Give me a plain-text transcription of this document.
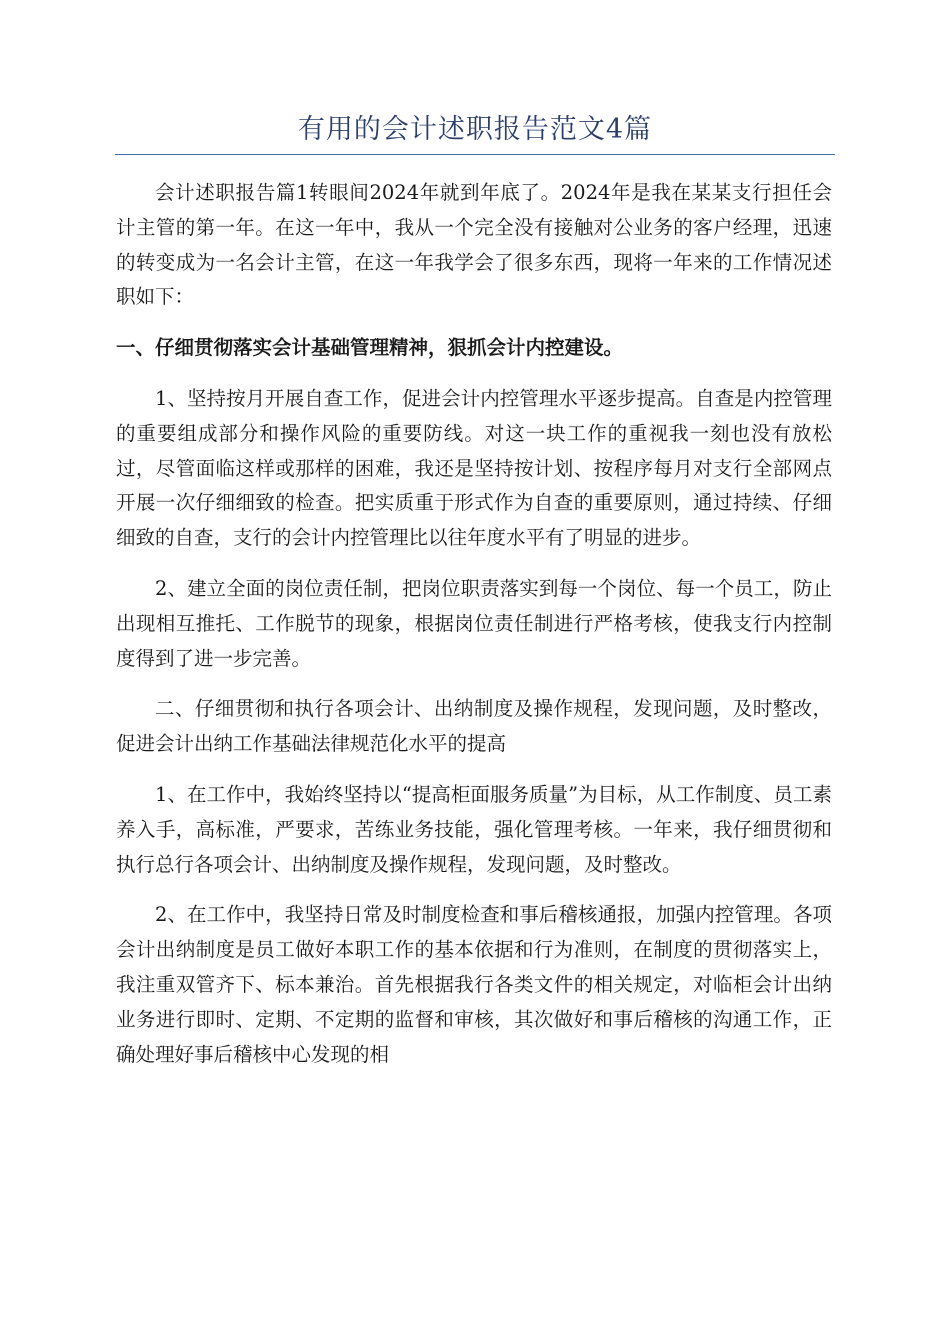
有用的会计述职报告范文4篇

会计述职报告篇1转眼间2024年就到年底了。2024年是我在某某支行担任会计主管的第一年。在这一年中，我从一个完全没有接触对公业务的客户经理，迅速的转变成为一名会计主管，在这一年我学会了很多东西，现将一年来的工作情况述职如下：

一、仔细贯彻落实会计基础管理精神，狠抓会计内控建设。

1、坚持按月开展自查工作，促进会计内控管理水平逐步提高。自查是内控管理的重要组成部分和操作风险的重要防线。对这一块工作的重视我一刻也没有放松过，尽管面临这样或那样的困难，我还是坚持按计划、按程序每月对支行全部网点开展一次仔细细致的检查。把实质重于形式作为自查的重要原则，通过持续、仔细细致的自查，支行的会计内控管理比以往年度水平有了明显的进步。

2、建立全面的岗位责任制，把岗位职责落实到每一个岗位、每一个员工，防止出现相互推托、工作脱节的现象，根据岗位责任制进行严格考核，使我支行内控制度得到了进一步完善。

二、仔细贯彻和执行各项会计、出纳制度及操作规程，发现问题，及时整改，促进会计出纳工作基础法律规范化水平的提高

1、在工作中，我始终坚持以“提高柜面服务质量”为目标，从工作制度、员工素养入手，高标准，严要求，苦练业务技能，强化管理考核。一年来，我仔细贯彻和执行总行各项会计、出纳制度及操作规程，发现问题，及时整改。

2、在工作中，我坚持日常及时制度检查和事后稽核通报，加强内控管理。各项会计出纳制度是员工做好本职工作的基本依据和行为准则，在制度的贯彻落实上，我注重双管齐下、标本兼治。首先根据我行各类文件的相关规定，对临柜会计出纳业务进行即时、定期、不定期的监督和审核，其次做好和事后稽核的沟通工作，正确处理好事后稽核中心发现的相
